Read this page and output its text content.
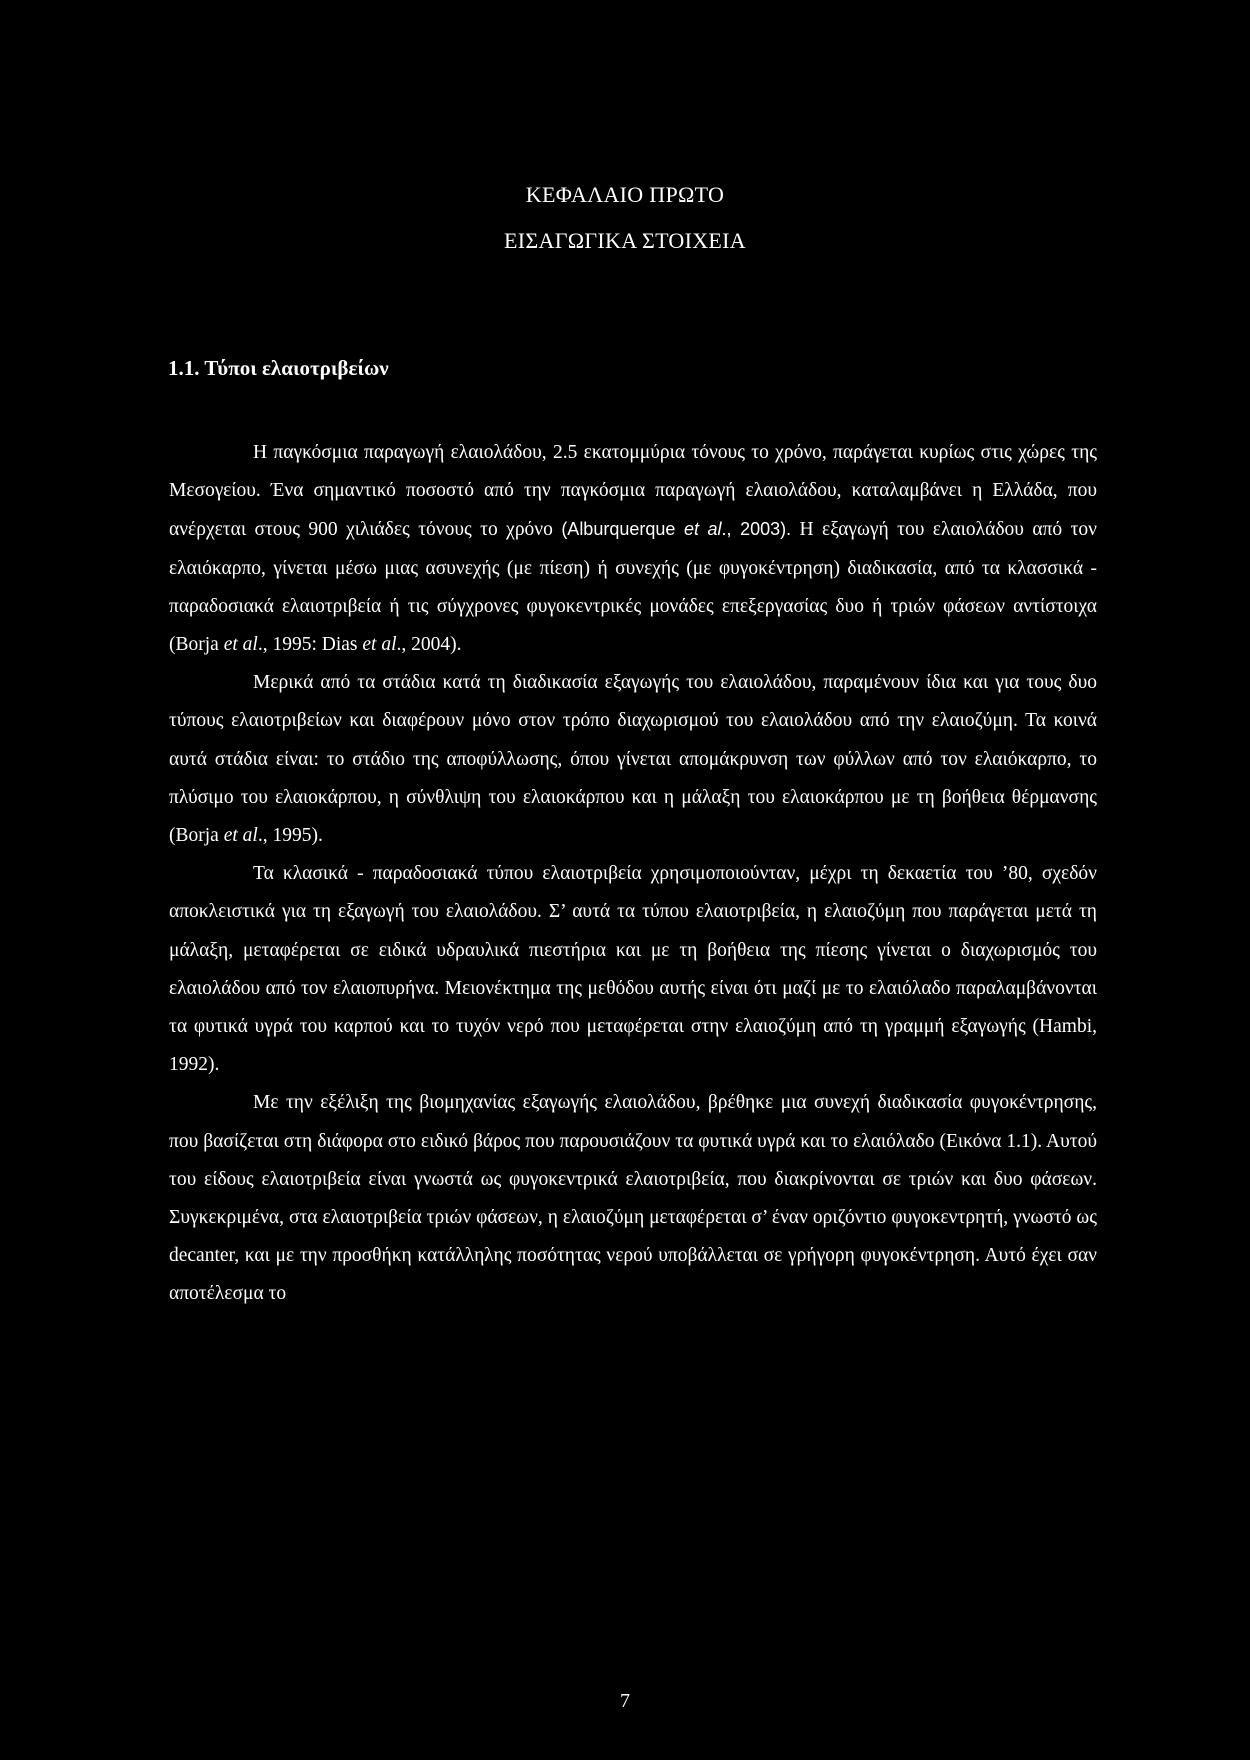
ΚΕΦΑΛΑΙΟ ΠΡΩΤΟ
ΕΙΣΑΓΩΓΙΚΑ ΣΤΟΙΧΕΙΑ
1.1. Τύποι ελαιοτριβείων

Η παγκόσμια παραγωγή ελαιολάδου, 2.5 εκατομμύρια τόνους το χρόνο, παράγεται κυρίως στις χώρες της Μεσογείου. Ένα σημαντικό ποσοστό από την παγκόσμια παραγωγή ελαιολάδου, καταλαμβάνει η Ελλάδα, που ανέρχεται στους 900 χιλιάδες τόνους το χρόνο (Alburquerque et al., 2003). Η εξαγωγή του ελαιολάδου από τον ελαιόκαρπο, γίνεται μέσω μιας ασυνεχής (με πίεση) ή συνεχής (με φυγοκέντρηση) διαδικασία, από τα κλασσικά - παραδοσιακά ελαιοτριβεία ή τις σύγχρονες φυγοκεντρικές μονάδες επεξεργασίας δυο ή τριών φάσεων αντίστοιχα (Borja et al., 1995: Dias et al., 2004).

Μερικά από τα στάδια κατά τη διαδικασία εξαγωγής του ελαιολάδου, παραμένουν ίδια και για τους δυο τύπους ελαιοτριβείων και διαφέρουν μόνο στον τρόπο διαχωρισμού του ελαιολάδου από την ελαιοζύμη. Τα κοινά αυτά στάδια είναι: το στάδιο της αποφύλλωσης, όπου γίνεται απομάκρυνση των φύλλων από τον ελαιόκαρπο, το πλύσιμο του ελαιοκάρπου, η σύνθλιψη του ελαιοκάρπου και η μάλαξη του ελαιοκάρπου με τη βοήθεια θέρμανσης (Borja et al., 1995).

Τα κλασικά - παραδοσιακά τύπου ελαιοτριβεία χρησιμοποιούνταν, μέχρι τη δεκαετία του ’80, σχεδόν αποκλειστικά για τη εξαγωγή του ελαιολάδου. Σ’ αυτά τα τύπου ελαιοτριβεία, η ελαιοζύμη που παράγεται μετά τη μάλαξη, μεταφέρεται σε ειδικά υδραυλικά πιεστήρια και με τη βοήθεια της πίεσης γίνεται ο διαχωρισμός του ελαιολάδου από τον ελαιοπυρήνα. Μειονέκτημα της μεθόδου αυτής είναι ότι μαζί με το ελαιόλαδο παραλαμβάνονται τα φυτικά υγρά του καρπού και το τυχόν νερό που μεταφέρεται στην ελαιοζύμη από τη γραμμή εξαγωγής (Hambi, 1992).

Με την εξέλιξη της βιομηχανίας εξαγωγής ελαιολάδου, βρέθηκε μια συνεχή διαδικασία φυγοκέντρησης, που βασίζεται στη διάφορα στο ειδικό βάρος που παρουσιάζουν τα φυτικά υγρά και το ελαιόλαδο (Εικόνα 1.1). Αυτού του είδους ελαιοτριβεία είναι γνωστά ως φυγοκεντρικά ελαιοτριβεία, που διακρίνονται σε τριών και δυο φάσεων. Συγκεκριμένα, στα ελαιοτριβεία τριών φάσεων, η ελαιοζύμη μεταφέρεται σ’ έναν οριζόντιο φυγοκεντρητή, γνωστό ως decanter, και με την προσθήκη κατάλληλης ποσότητας νερού υποβάλλεται σε γρήγορη φυγοκέντρηση. Αυτό έχει σαν αποτέλεσμα το

7
